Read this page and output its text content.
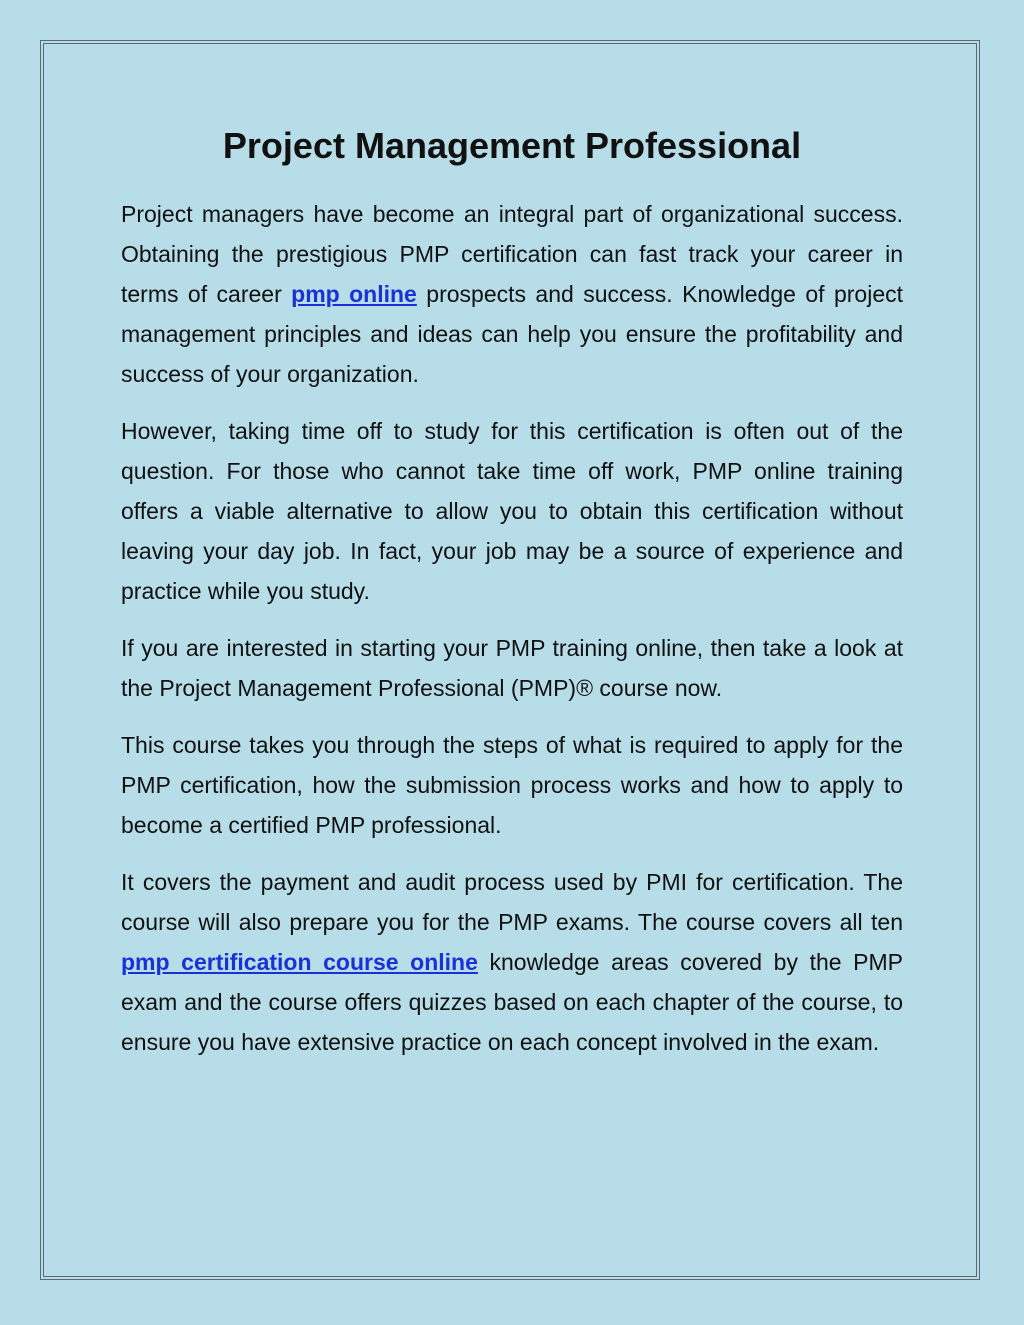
Project Management Professional

Project managers have become an integral part of organizational success. Obtaining the prestigious PMP certification can fast track your career in terms of career pmp online prospects and success. Knowledge of project management principles and ideas can help you ensure the profitability and success of your organization.

However, taking time off to study for this certification is often out of the question. For those who cannot take time off work, PMP online training offers a viable alternative to allow you to obtain this certification without leaving your day job. In fact, your job may be a source of experience and practice while you study.

If you are interested in starting your PMP training online, then take a look at the Project Management Professional (PMP)® course now.

This course takes you through the steps of what is required to apply for the PMP certification, how the submission process works and how to apply to become a certified PMP professional.

It covers the payment and audit process used by PMI for certification. The course will also prepare you for the PMP exams. The course covers all ten pmp certification course online knowledge areas covered by the PMP exam and the course offers quizzes based on each chapter of the course, to ensure you have extensive practice on each concept involved in the exam.
